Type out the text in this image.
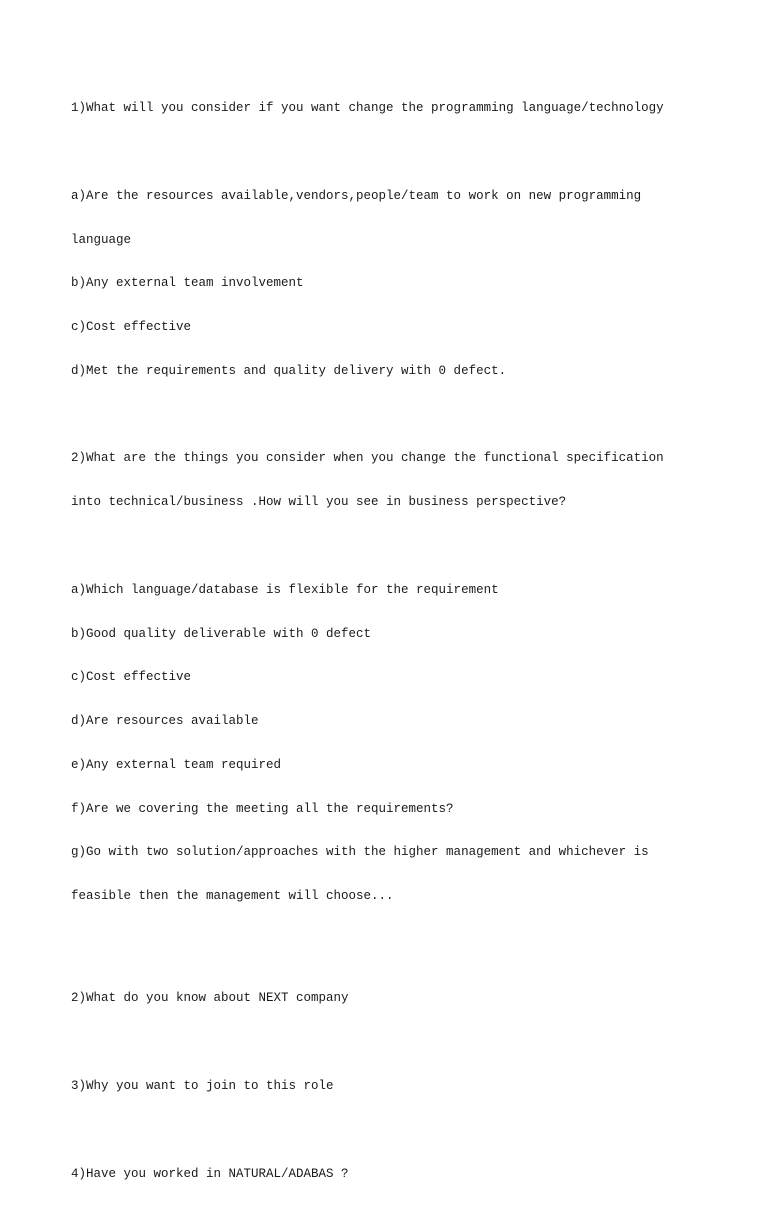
1)What will you consider if you want change the programming language/technology

a)Are the resources available,vendors,people/team to work on new programming

language

b)Any external team involvement

c)Cost effective

d)Met the requirements and quality delivery with 0 defect.

2)What are the things you consider when you change the functional specification

into technical/business .How will you see in business perspective?

a)Which language/database is flexible for the requirement

b)Good quality deliverable with 0 defect

c)Cost effective

d)Are resources available

e)Any external team required

f)Are we covering the meeting all the requirements?

g)Go with two solution/approaches with the higher management and whichever is

feasible then the management will choose...

2)What do you know about NEXT company

3)Why you want to join to this role

4)Have you worked in NATURAL/ADABAS ?
